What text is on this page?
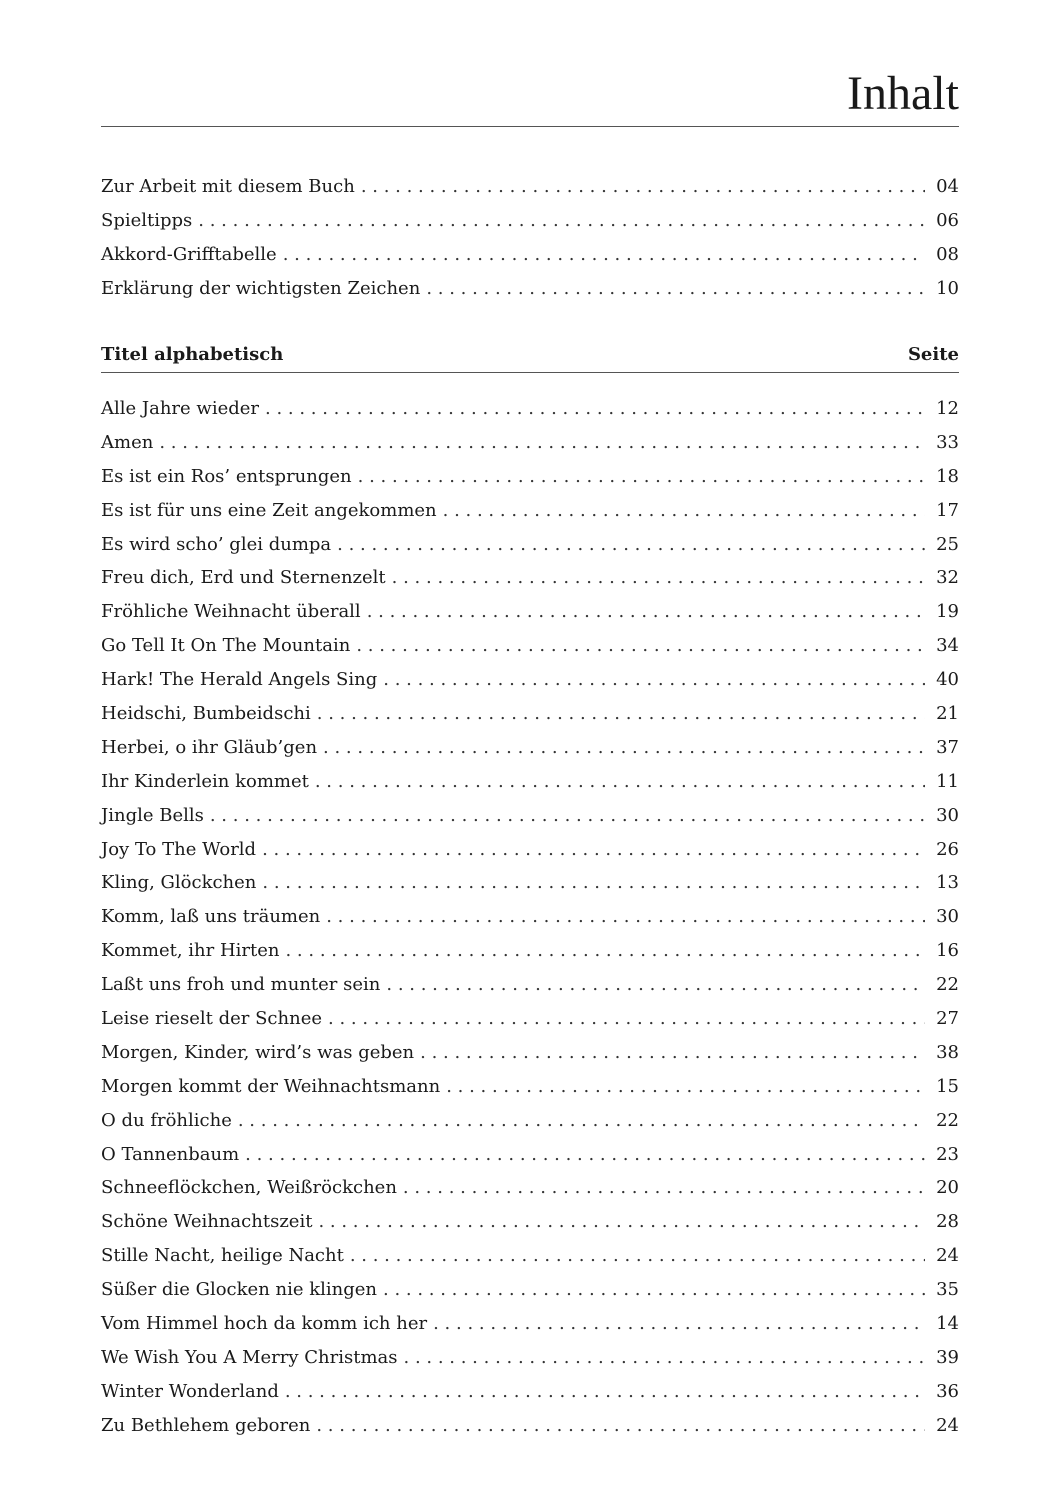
Inhalt
Zur Arbeit mit diesem Buch . . .	04
Spieltipps . . .	06
Akkord-Grifftabelle . . .	08
Erklärung der wichtigsten Zeichen . . .	10
Titel alphabetisch	Seite
Alle Jahre wieder . . .	12
Amen . . .	33
Es ist ein Ros’ entsprungen . . .	18
Es ist für uns eine Zeit angekommen . . .	17
Es wird scho’ glei dumpa . . .	25
Freu dich, Erd und Sternenzelt . . .	32
Fröhliche Weihnacht überall . . .	19
Go Tell It On The Mountain . . .	34
Hark! The Herald Angels Sing . . .	40
Heidschi, Bumbeidschi . . .	21
Herbei, o ihr Gläub’gen . . .	37
Ihr Kinderlein kommet . . .	11
Jingle Bells . . .	30
Joy To The World . . .	26
Kling, Glöckchen . . .	13
Komm, laß uns träumen . . .	30
Kommet, ihr Hirten . . .	16
Laßt uns froh und munter sein . . .	22
Leise rieselt der Schnee . . .	27
Morgen, Kinder, wird’s was geben . . .	38
Morgen kommt der Weihnachtsmann . . .	15
O du fröhliche . . .	22
O Tannenbaum . . .	23
Schneeflöckchen, Weißröckchen . . .	20
Schöne Weihnachtszeit . . .	28
Stille Nacht, heilige Nacht . . .	24
Süßer die Glocken nie klingen . . .	35
Vom Himmel hoch da komm ich her . . .	14
We Wish You A Merry Christmas . . .	39
Winter Wonderland . . .	36
Zu Bethlehem geboren . . .	24
